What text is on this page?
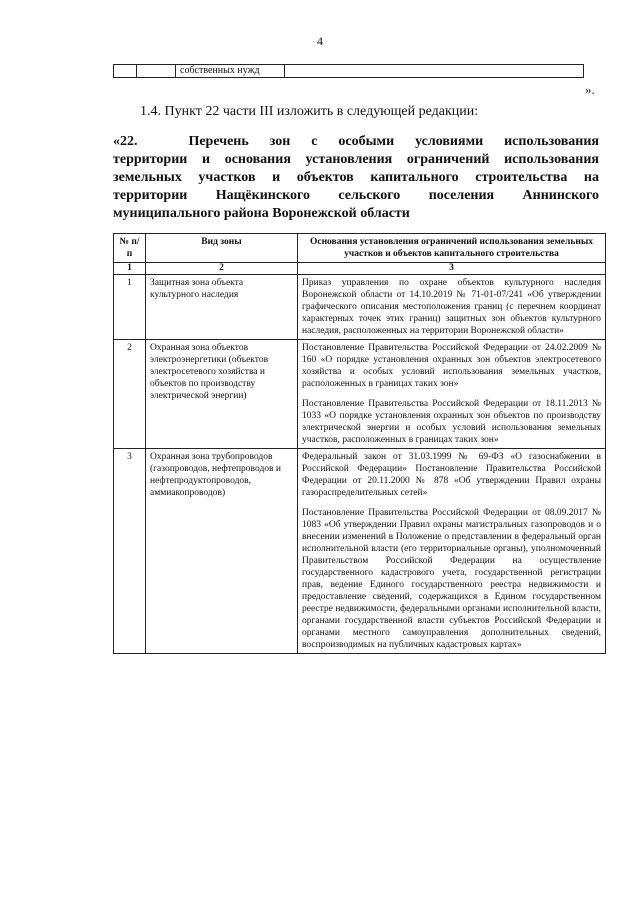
4
		собственных нужд	
».
1.4. Пункт 22 части III изложить в следующей редакции:
«22.	Перечень зон с особыми условиями использования
территории и основания установления ограничений использования
земельных участков и объектов капитального строительства на
территории Нащёкинского сельского поселения Аннинского
муниципального района Воронежской области
№ п/п	Вид зоны	Основания установления ограничений использования земельных участков и объектов капитального строительства
1	2	3
1	Защитная зона объекта культурного наследия	Приказ управления по охране объектов культурного наследия Воронежской области от 14.10.2019 № 71-01-07/241 «Об утверждении графического описания местоположения границ (с перечнем координат характерных точек этих границ) защитных зон объектов культурного наследия, расположенных на территории Воронежской области»

2	Охранная зона объектов электроэнергетики (объектов электросетевого хозяйства и объектов по производству электрической энергии)	Постановление Правительства Российской Федерации от 24.02.2009 № 160 «О порядке установления охранных зон объектов электросетевого хозяйства и особых условий использования земельных участков, расположенных в границах таких зон»

Постановление Правительства Российской Федерации от 18.11.2013 № 1033 «О порядке установления охранных зон объектов по производству электрической энергии и особых условий использования земельных участков, расположенных в границах таких зон»

3	Охранная зона трубопроводов (газопроводов, нефтепроводов и нефтепродуктопроводов, аммиакопроводов)	Федеральный закон от 31.03.1999 № 69-ФЗ «О газоснабжении в Российской Федерации» Постановление Правительства Российской Федерации от 20.11.2000 № 878 «Об утверждении Правил охраны газораспределительных сетей»

Постановление Правительства Российской Федерации от 08.09.2017 № 1083 «Об утверждении Правил охраны магистральных газопроводов и о внесении изменений в Положение о представлении в федеральный орган исполнительной власти (его территориальные органы), уполномоченный Правительством Российской Федерации на осуществление государственного кадастрового учета, государственной регистрации прав, ведение Единого государственного реестра недвижимости и предоставление сведений, содержащихся в Едином государственном реестре недвижимости, федеральными органами исполнительной власти, органами государственной власти субъектов Российской Федерации и органами местного самоуправления дополнительных сведений, воспроизводимых на публичных кадастровых картах»
